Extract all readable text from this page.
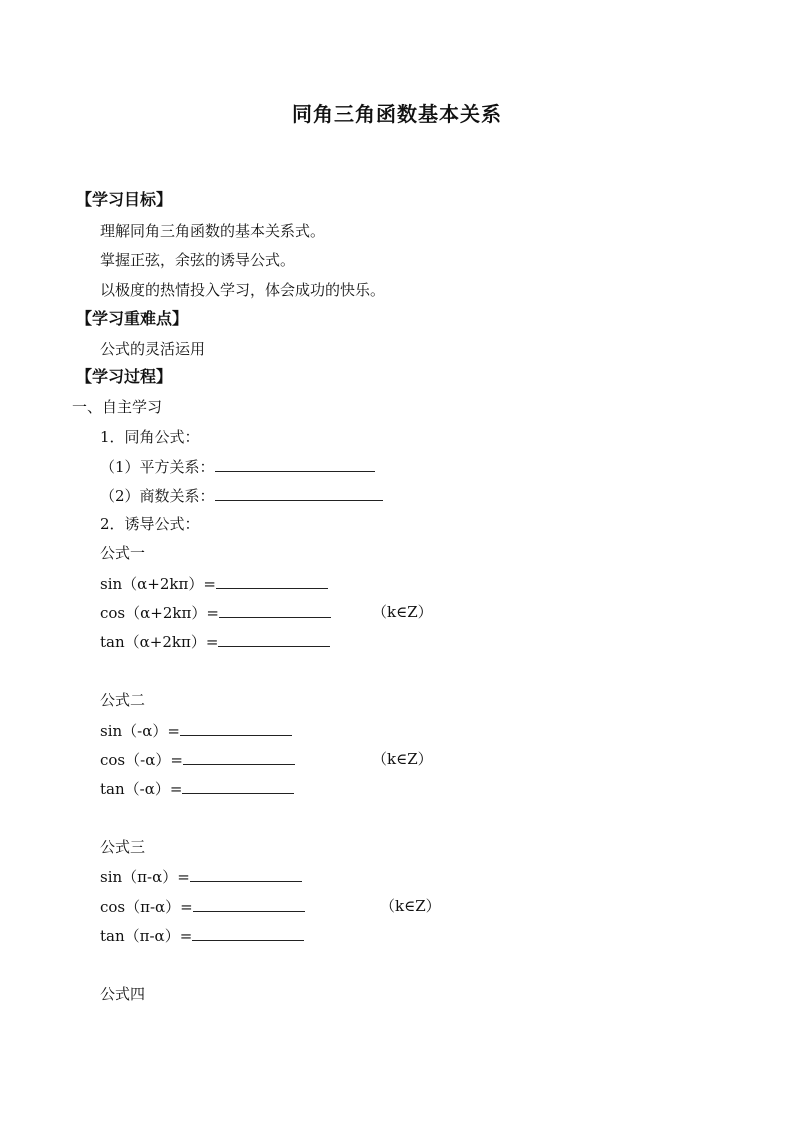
同角三角函数基本关系
【学习目标】
理解同角三角函数的基本关系式。
掌握正弦，余弦的诱导公式。
以极度的热情投入学习，体会成功的快乐。
【学习重难点】
公式的灵活运用
【学习过程】
一、自主学习
1．同角公式：
（1）平方关系：
（2）商数关系：
2．诱导公式：
公式一
sin（α+2kπ）=
cos（α+2kπ）=	（k∈Z）
tan（α+2kπ）=
公式二
sin（-α）=
cos（-α）=	（k∈Z）
tan（-α）=
公式三
sin（π-α）=
cos（π-α）=	（k∈Z）
tan（π-α）=
公式四
